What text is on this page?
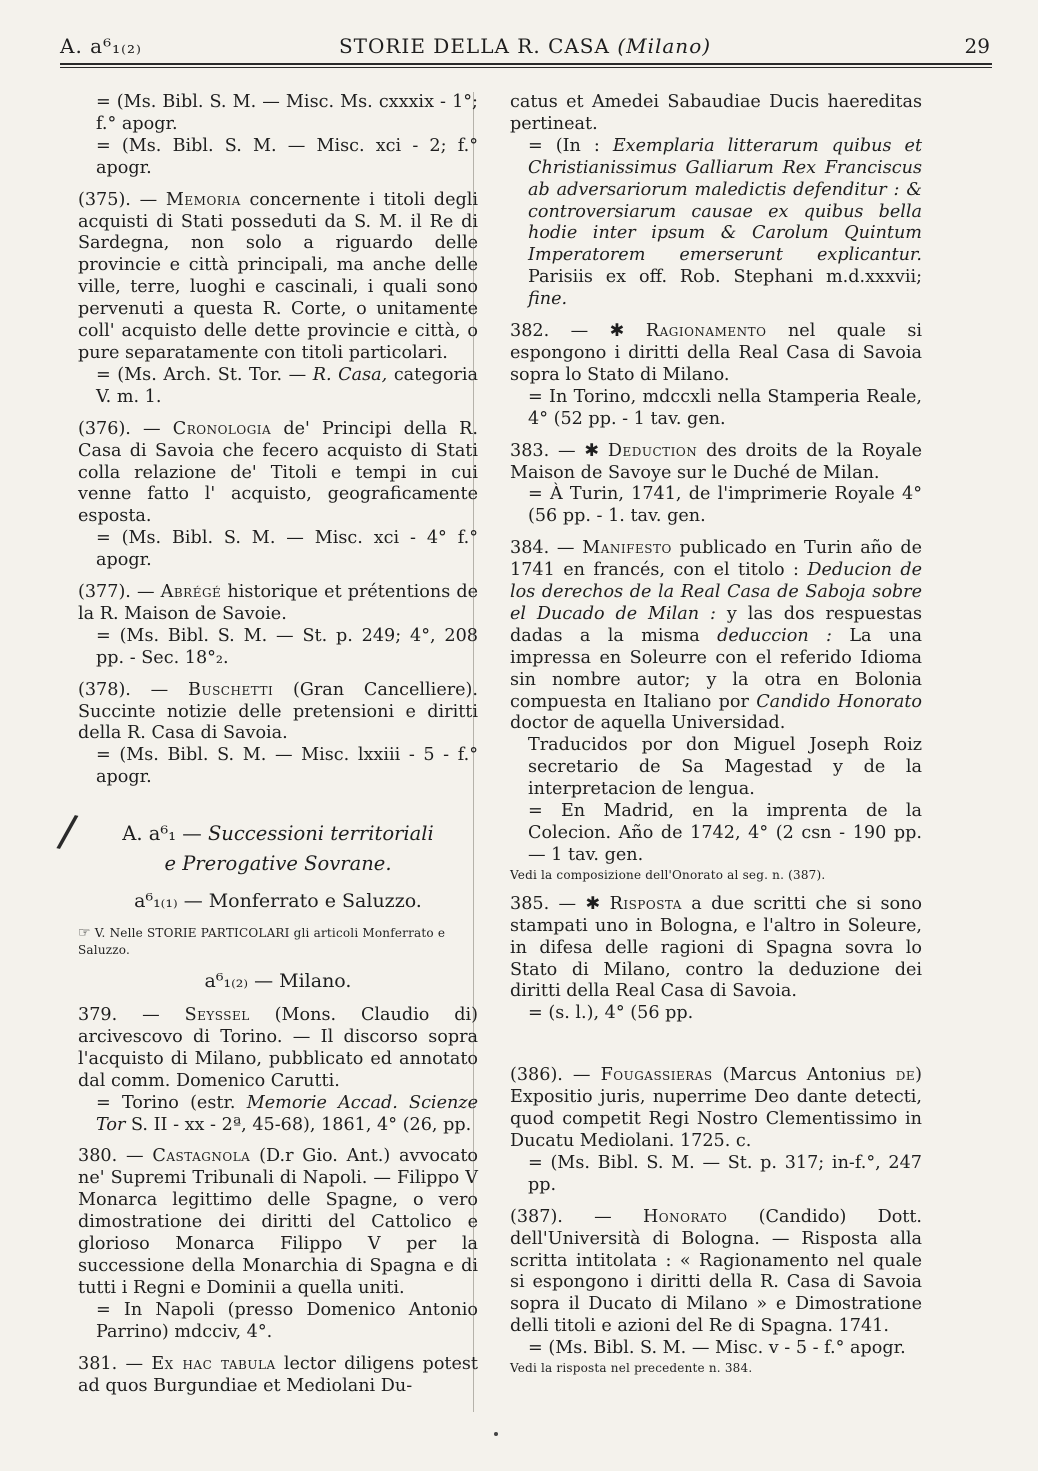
A. a⁶₁₍₂₎	STORIE DELLA R. CASA (Milano)	29

= (Ms. Bibl. S. M. — Misc. Ms. cxxxix - 1°; f.° apogr.

= (Ms. Bibl. S. M. — Misc. xci - 2; f.° apogr.

(375). — Memoria concernente i titoli degli acquisti di Stati posseduti da S. M. il Re di Sardegna, non solo a riguardo delle provincie e città principali, ma anche delle ville, terre, luoghi e cascinali, i quali sono pervenuti a questa R. Corte, o unitamente coll' acquisto delle dette provincie e città, o pure separatamente con titoli particolari.

= (Ms. Arch. St. Tor. — R. Casa, categoria V. m. 1.

(376). — Cronologia de' Principi della R. Casa di Savoia che fecero acquisto di Stati colla relazione de' Titoli e tempi in cui venne fatto l' acquisto, geograficamente esposta.

= (Ms. Bibl. S. M. — Misc. xci - 4° f.° apogr.

(377). — Abrégé historique et prétentions de la R. Maison de Savoie.

= (Ms. Bibl. S. M. — St. p. 249; 4°, 208 pp. - Sec. 18°₂.

(378). — Buschetti (Gran Cancelliere). Succinte notizie delle pretensioni e diritti della R. Casa di Savoia.

= (Ms. Bibl. S. M. — Misc. lxxiii - 5 - f.° apogr.

/	A. a⁶₁ — Successioni territoriali
e Prerogative Sovrane.
a⁶₁₍₁₎ — Monferrato e Saluzzo.
☞ V. Nelle STORIE PARTICOLARI gli articoli Monferrato e Saluzzo.
a⁶₁₍₂₎ — Milano.

379. — Seyssel (Mons. Claudio di) arcivescovo di Torino. — Il discorso sopra l'acquisto di Milano, pubblicato ed annotato dal comm. Domenico Carutti.

= Torino (estr. Memorie Accad. Scienze Tor S. II - xx - 2ª, 45-68), 1861, 4° (26, pp.

380. — Castagnola (D.r Gio. Ant.) avvocato ne' Supremi Tribunali di Napoli. — Filippo V Monarca legittimo delle Spagne, o vero dimostratione dei diritti del Cattolico e glorioso Monarca Filippo V per la successione della Monarchia di Spagna e di tutti i Regni e Dominii a quella uniti.

= In Napoli (presso Domenico Antonio Parrino) mdcciv, 4°.

381. — Ex hac tabula lector diligens potest ad quos Burgundiae et Mediolani Du-

catus et Amedei Sabaudiae Ducis haereditas pertineat.

= (In : Exemplaria litterarum quibus et Christianissimus Galliarum Rex Franciscus ab adversariorum maledictis defenditur : & controversiarum causae ex quibus bella hodie inter ipsum & Carolum Quintum Imperatorem emerserunt explicantur. Parisiis ex off. Rob. Stephani m.d.xxxvii; fine.

382. — ✱ Ragionamento nel quale si espongono i diritti della Real Casa di Savoia sopra lo Stato di Milano.

= In Torino, mdccxli nella Stamperia Reale, 4° (52 pp. - 1 tav. gen.

383. — ✱ Deduction des droits de la Royale Maison de Savoye sur le Duché de Milan.

= À Turin, 1741, de l'imprimerie Royale 4° (56 pp. - 1. tav. gen.

384. — Manifesto publicado en Turin año de 1741 en francés, con el titolo : Deducion de los derechos de la Real Casa de Saboja sobre el Ducado de Milan : y las dos respuestas dadas a la misma deduccion : La una impressa en Soleurre con el referido Idioma sin nombre autor; y la otra en Bolonia compuesta en Italiano por Candido Honorato doctor de aquella Universidad.

Traducidos por don Miguel Joseph Roiz secretario de Sa Magestad y de la interpretacion de lengua.

= En Madrid, en la imprenta de la Colecion. Año de 1742, 4° (2 csn - 190 pp. — 1 tav. gen.

Vedi la composizione dell'Onorato al seg. n. (387).

385. — ✱ Risposta a due scritti che si sono stampati uno in Bologna, e l'altro in Soleure, in difesa delle ragioni di Spagna sovra lo Stato di Milano, contro la deduzione dei diritti della Real Casa di Savoia.

= (s. l.), 4° (56 pp.

(386). — Fougassieras (Marcus Antonius de) Expositio juris, nuperrime Deo dante detecti, quod competit Regi Nostro Clementissimo in Ducatu Mediolani. 1725. c.

= (Ms. Bibl. S. M. — St. p. 317; in-f.°, 247 pp.

(387). — Honorato (Candido) Dott. dell'Università di Bologna. — Risposta alla scritta intitolata : « Ragionamento nel quale si espongono i diritti della R. Casa di Savoia sopra il Ducato di Milano » e Dimostratione delli titoli e azioni del Re di Spagna. 1741.

= (Ms. Bibl. S. M. — Misc. v - 5 - f.° apogr.

Vedi la risposta nel precedente n. 384.
